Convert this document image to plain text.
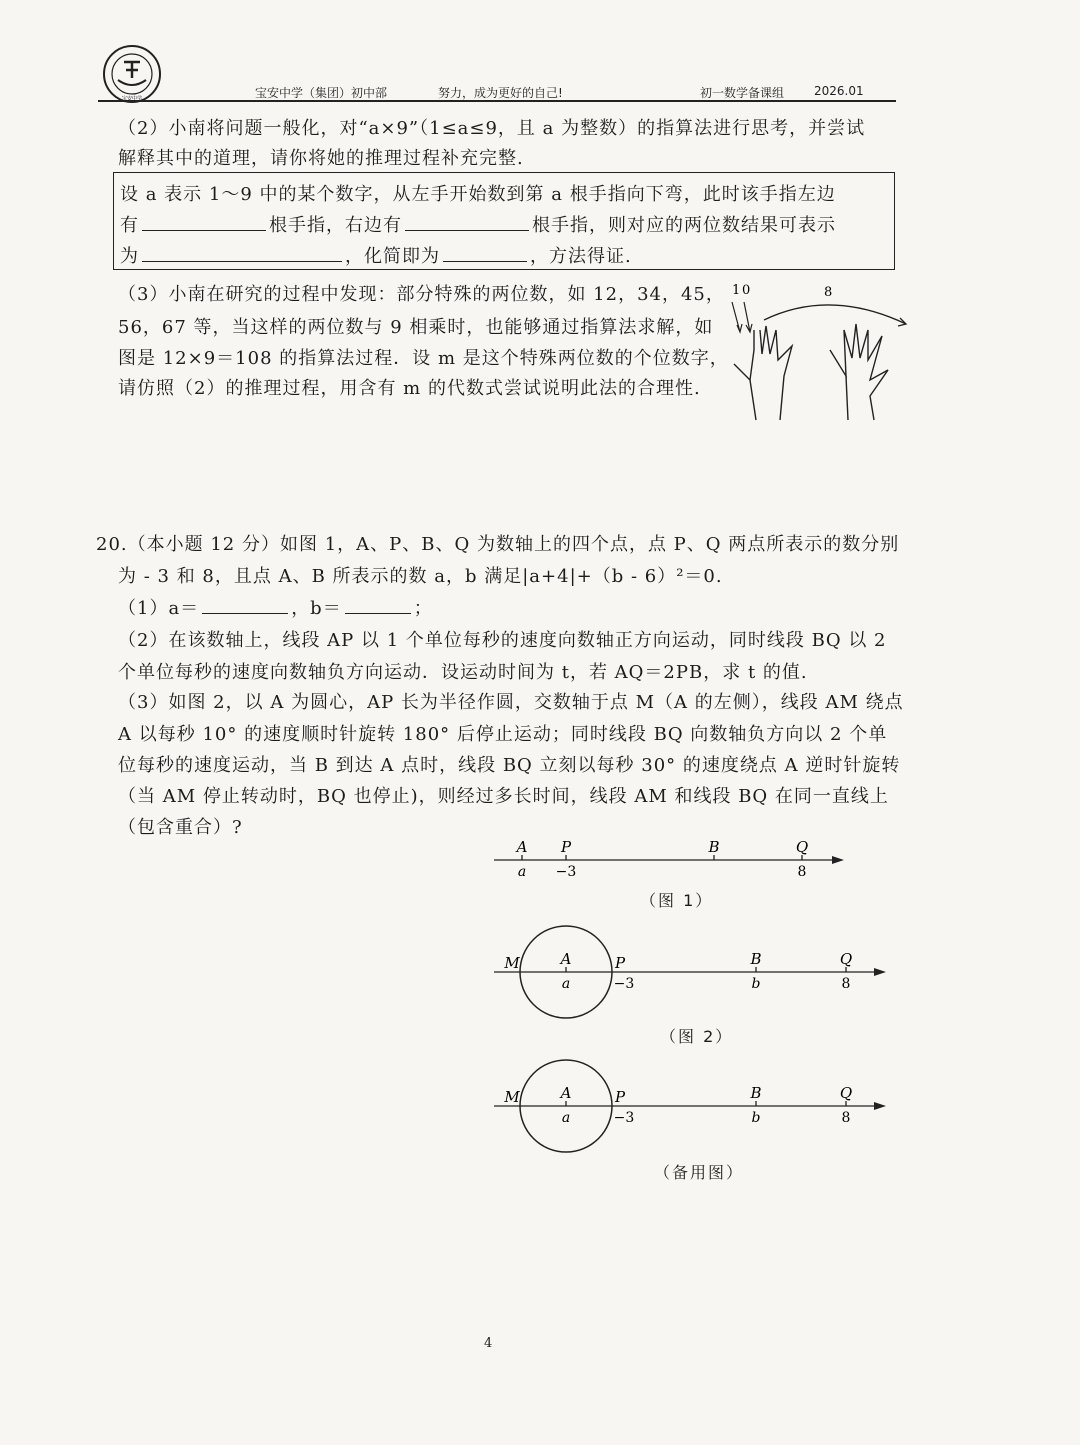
宝安中学	宝安中学（集团）初中部	努力，成为更好的自己!	初一数学备课组 2026.01
（2）小南将问题一般化，对“a×9”（1≤a≤9，且 a 为整数）的指算法进行思考，并尝试
解释其中的道理，请你将她的推理过程补充完整.
设 a 表示 1～9 中的某个数字，从左手开始数到第 a 根手指向下弯，此时该手指左边
有	根手指，右边有	根手指，则对应的两位数结果可表示
为	，化简即为	，方法得证.
（3）小南在研究的过程中发现：部分特殊的两位数，如 12，34，45，
56，67 等，当这样的两位数与 9 相乘时，也能够通过指算法求解，如
图是 12×9＝108 的指算法过程．设 m 是这个特殊两位数的个位数字，
请仿照（2）的推理过程，用含有 m 的代数式尝试说明此法的合理性.
1 0	8
20.（本小题 12 分）如图 1，A、P、B、Q 为数轴上的四个点，点 P、Q 两点所表示的数分别
为 - 3 和 8，且点 A、B 所表示的数 a，b 满足|a+4|+（b - 6）²＝0.
（1）a＝	，b＝	；
（2）在该数轴上，线段 AP 以 1 个单位每秒的速度向数轴正方向运动，同时线段 BQ 以 2
个单位每秒的速度向数轴负方向运动．设运动时间为 t，若 AQ＝2PB，求 t 的值.
（3）如图 2，以 A 为圆心，AP 长为半径作圆，交数轴于点 M（A 的左侧），线段 AM 绕点
A 以每秒 10° 的速度顺时针旋转 180° 后停止运动；同时线段 BQ 向数轴负方向以 2 个单
位每秒的速度运动，当 B 到达 A 点时，线段 BQ 立刻以每秒 30° 的速度绕点 A 逆时针旋转
（当 AM 停止转动时，BQ 也停止)，则经过多长时间，线段 AM 和线段 BQ 在同一直线上
（包含重合）?
A P	B	Q
a −3	8
（图 1）
M	A	P	B	Q
a	−3	b	8
（图 2）
M	A	P	B	Q
a	−3	b	8
（备用图）
4
